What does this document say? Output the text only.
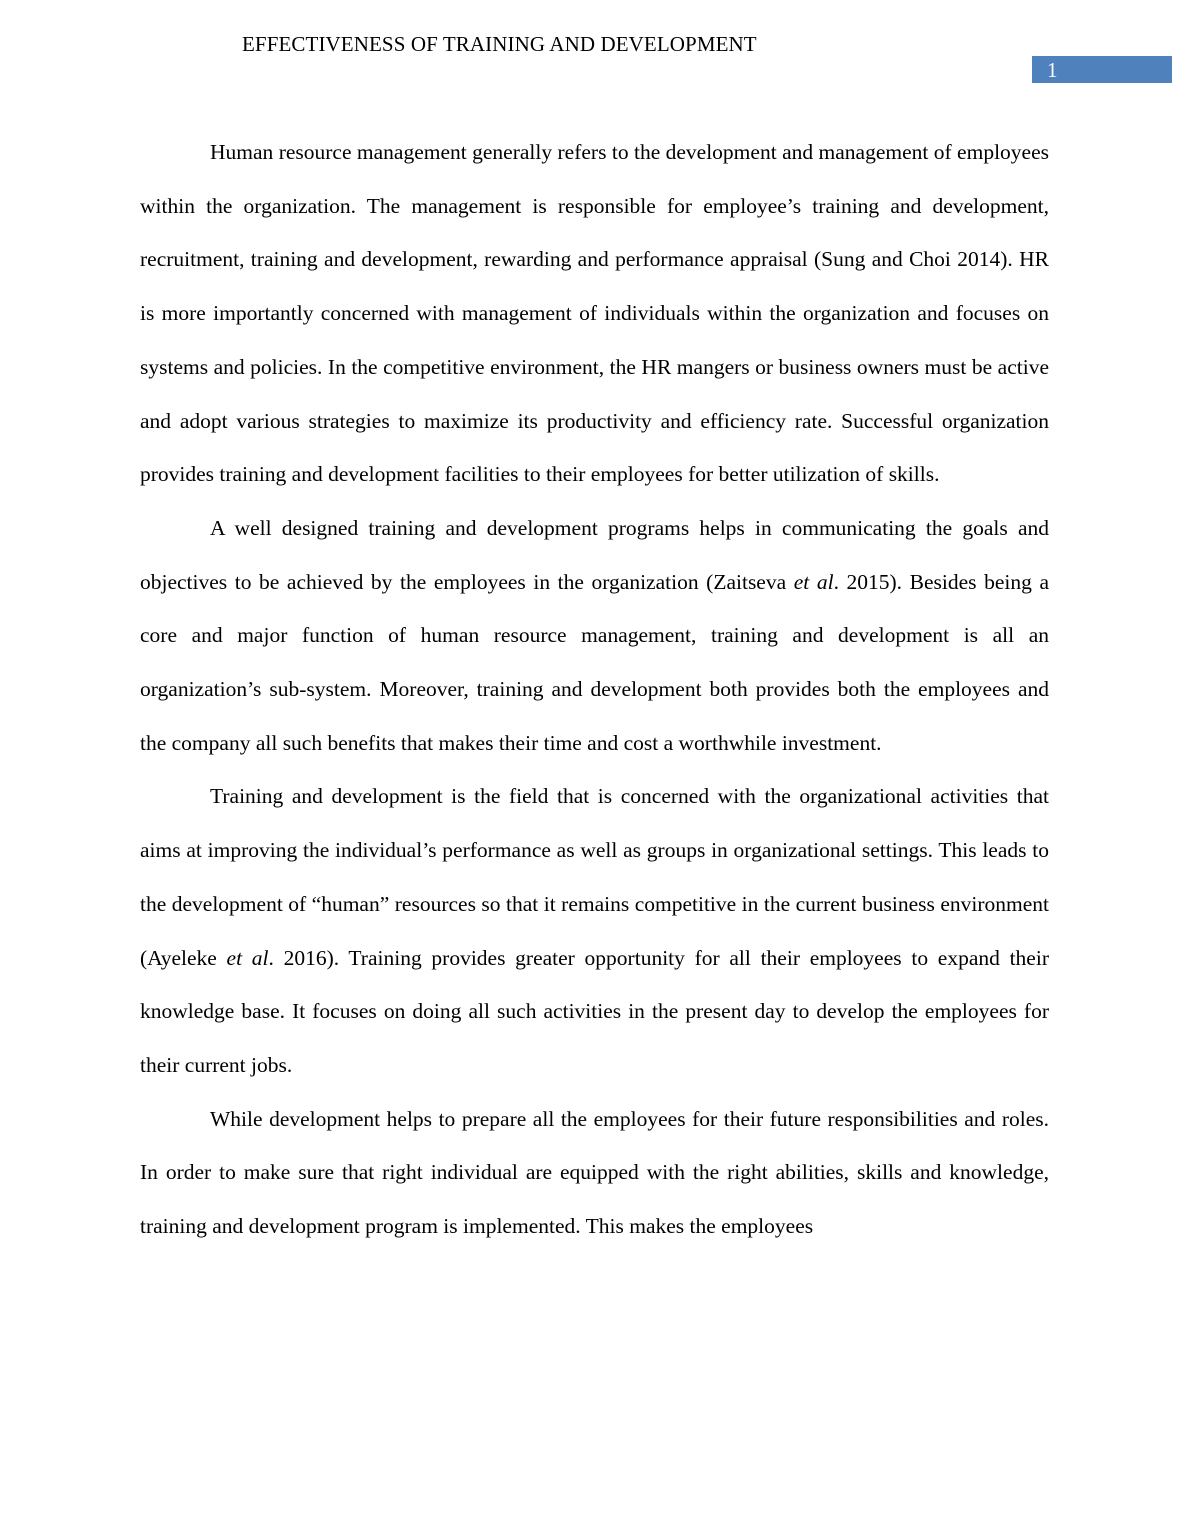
EFFECTIVENESS OF TRAINING AND DEVELOPMENT
1

Human resource management generally refers to the development and management of employees within the organization. The management is responsible for employee’s training and development, recruitment, training and development, rewarding and performance appraisal (Sung and Choi 2014). HR is more importantly concerned with management of individuals within the organization and focuses on systems and policies. In the competitive environment, the HR mangers or business owners must be active and adopt various strategies to maximize its productivity and efficiency rate. Successful organization provides training and development facilities to their employees for better utilization of skills.

A well designed training and development programs helps in communicating the goals and objectives to be achieved by the employees in the organization (Zaitseva et al. 2015). Besides being a core and major function of human resource management, training and development is all an organization’s sub-system. Moreover, training and development both provides both the employees and the company all such benefits that makes their time and cost a worthwhile investment.

Training and development is the field that is concerned with the organizational activities that aims at improving the individual’s performance as well as groups in organizational settings. This leads to the development of “human” resources so that it remains competitive in the current business environment (Ayeleke et al. 2016). Training provides greater opportunity for all their employees to expand their knowledge base. It focuses on doing all such activities in the present day to develop the employees for their current jobs.

While development helps to prepare all the employees for their future responsibilities and roles. In order to make sure that right individual are equipped with the right abilities, skills and knowledge, training and development program is implemented. This makes the employees
